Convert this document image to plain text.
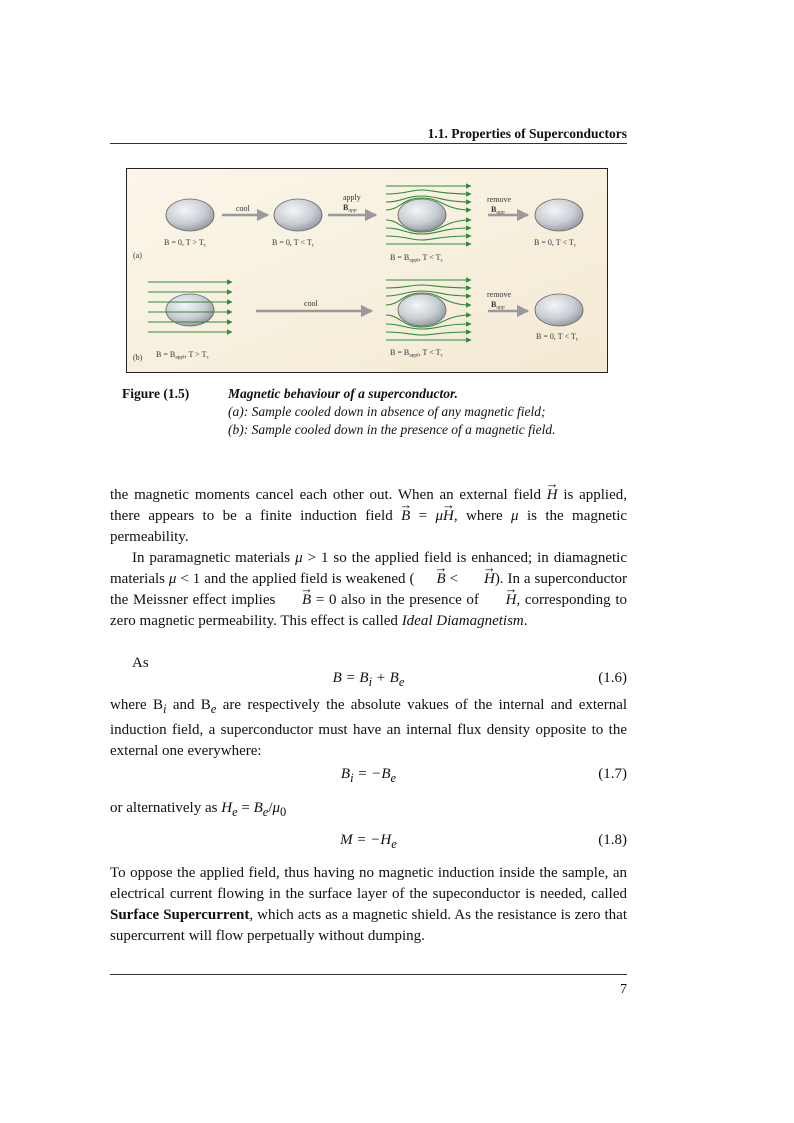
1.1. Properties of Superconductors
cool
apply
Bapp
remove
Bapp
B = 0, T > Tc	B = 0, T < Tc
B = Bappl, T < Tc
B = 0, T < Tc
(a)
cool
remove
Bapp
B = Bappl, T > Tc
B = Bappl, T < Tc
B = 0, T < Tc
(b)
Figure (1.5)	Magnetic behaviour of a superconductor.
(a): Sample cooled down in absence of any magnetic field;
(b): Sample cooled down in the presence of a magnetic field.
the magnetic moments cancel each other out. When an external field → H is applied, there appears to be a finite induction field → B = μ→ H, where μ is the magnetic permeability.
In paramagnetic materials μ > 1 so the applied field is enhanced; in diamagnetic materials μ < 1 and the applied field is weakened ( → B < → H). In a superconductor the Meissner effect implies → B = 0 also in the presence of → H, corresponding to zero magnetic permeability. This effect is called Ideal Diamagnetism.
As
$B = B_i + B_e$	(1.6)
where $B_i$ and $B_e$ are respectively the absolute vakues of the internal and external induction field, a superconductor must have an internal flux density opposite to the external one everywhere:
$B_i = -B_e$	(1.7)
or alternatively as $H_e = B_e/\mu_0$
$M = -H_e$	(1.8)
To oppose the applied field, thus having no magnetic induction inside the sample, an electrical current flowing in the surface layer of the supeconductor is needed, called Surface Supercurrent, which acts as a magnetic shield. As the resistance is zero that supercurrent will flow perpetually without dumping.
7
